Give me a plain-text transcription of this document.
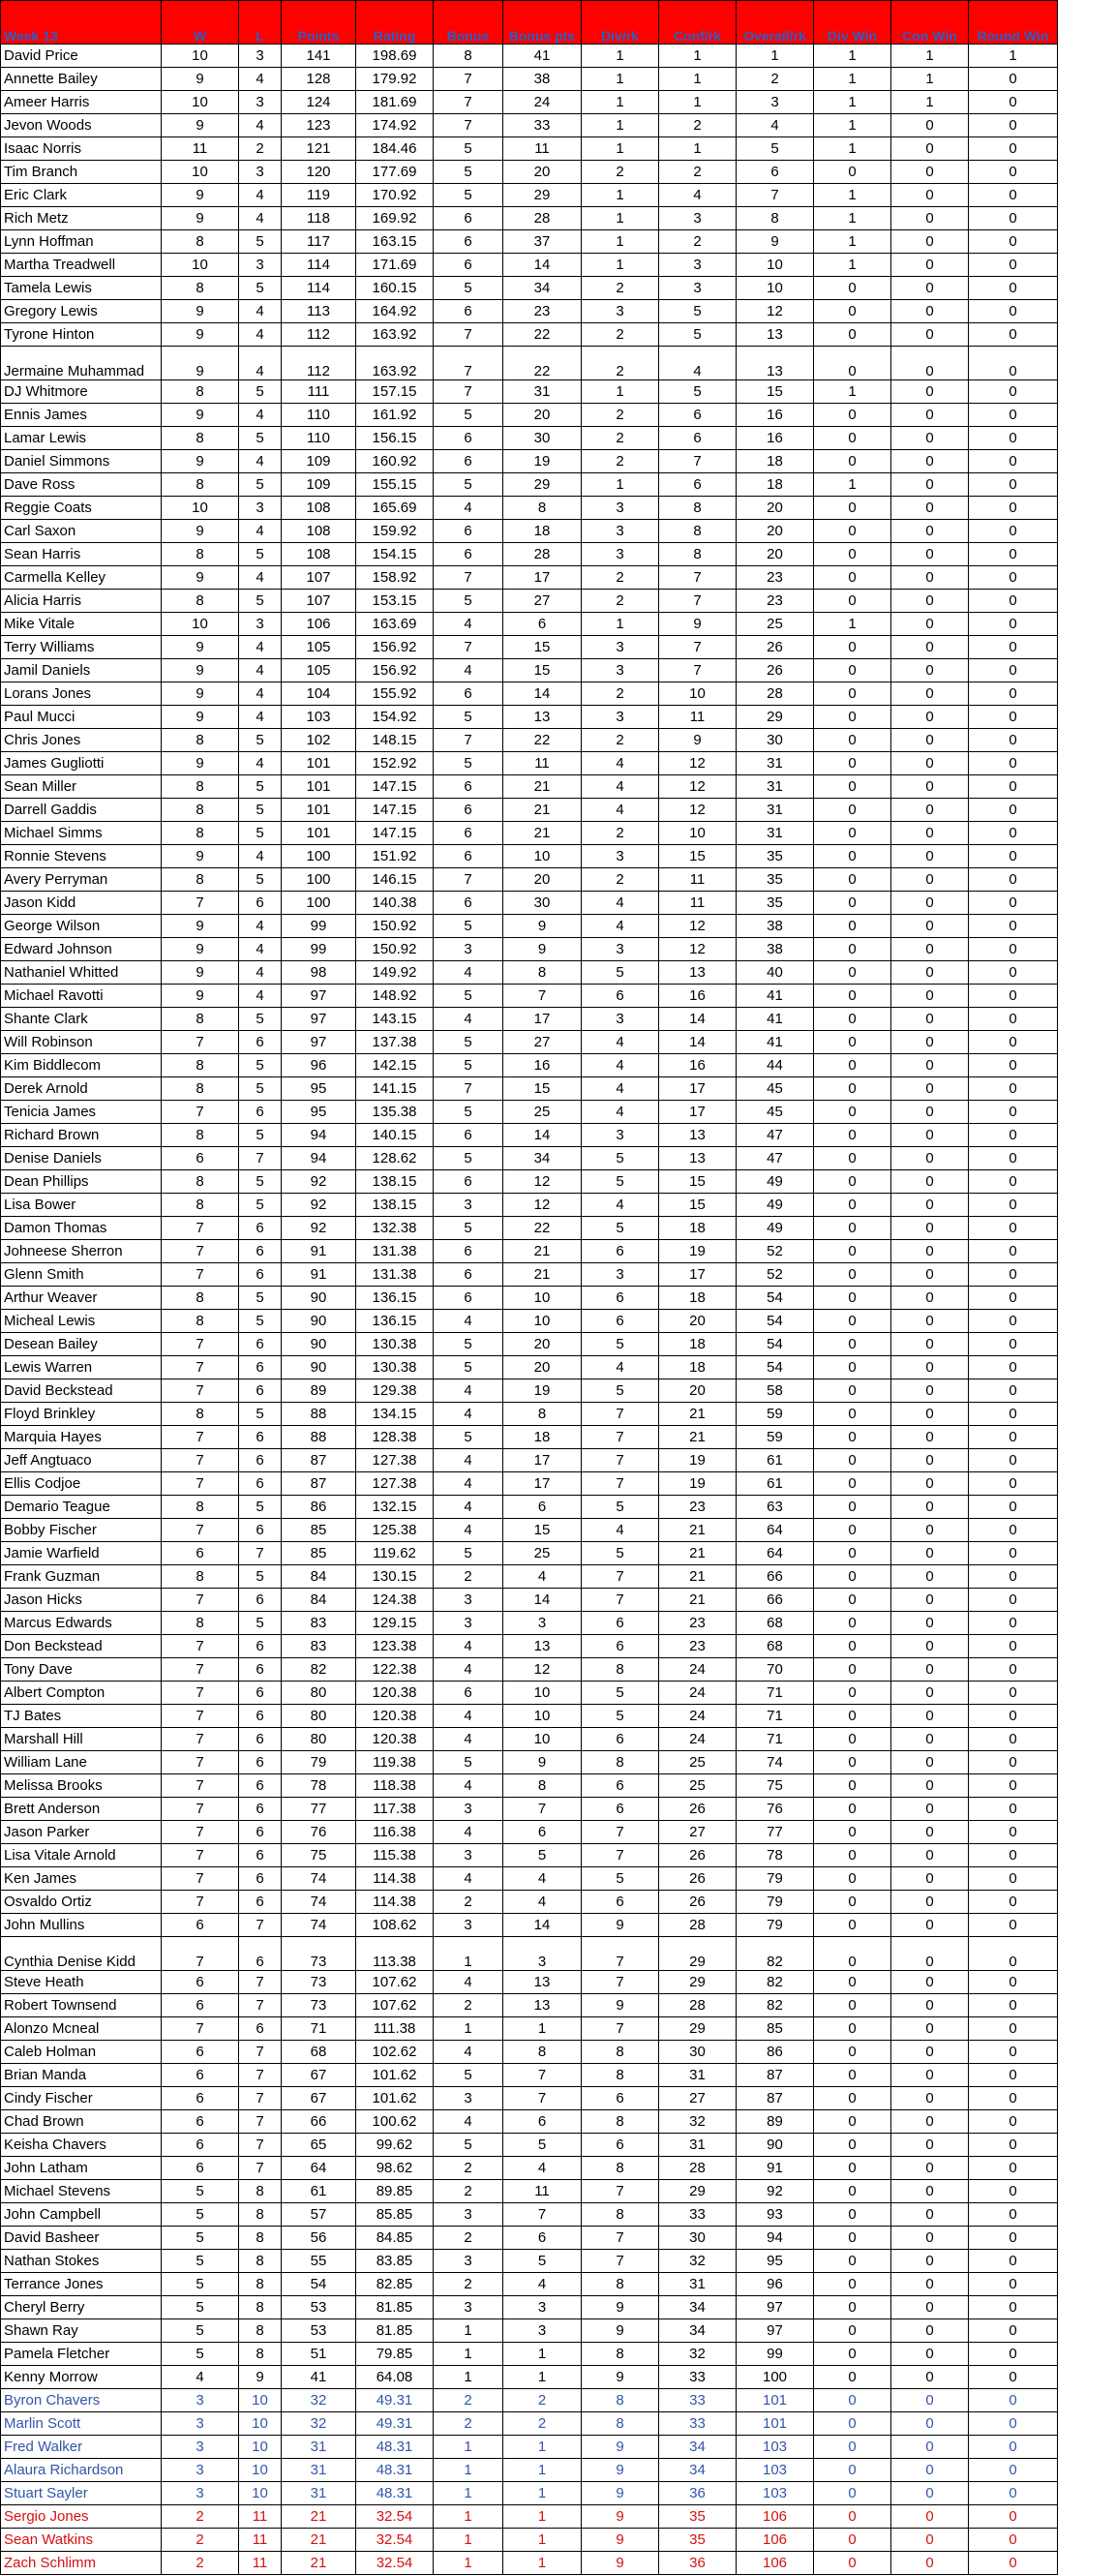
Week 13	W	L	Points	Rating	Bonus	Bonus pts	Div/rk	Conf/rk	Overall/rk	Div Win	Con Win	Round Win
David Price	10	3	141	198.69	8	41	1	1	1	1	1	1
Annette Bailey	9	4	128	179.92	7	38	1	1	2	1	1	0
Ameer Harris	10	3	124	181.69	7	24	1	1	3	1	1	0
Jevon Woods	9	4	123	174.92	7	33	1	2	4	1	0	0
Isaac Norris	11	2	121	184.46	5	11	1	1	5	1	0	0
Tim Branch	10	3	120	177.69	5	20	2	2	6	0	0	0
Eric Clark	9	4	119	170.92	5	29	1	4	7	1	0	0
Rich Metz	9	4	118	169.92	6	28	1	3	8	1	0	0
Lynn Hoffman	8	5	117	163.15	6	37	1	2	9	1	0	0
Martha Treadwell	10	3	114	171.69	6	14	1	3	10	1	0	0
Tamela Lewis	8	5	114	160.15	5	34	2	3	10	0	0	0
Gregory Lewis	9	4	113	164.92	6	23	3	5	12	0	0	0
Tyrone Hinton	9	4	112	163.92	7	22	2	5	13	0	0	0
Jermaine Muhammad	9	4	112	163.92	7	22	2	4	13	0	0	0
DJ Whitmore	8	5	111	157.15	7	31	1	5	15	1	0	0
Ennis James	9	4	110	161.92	5	20	2	6	16	0	0	0
Lamar Lewis	8	5	110	156.15	6	30	2	6	16	0	0	0
Daniel Simmons	9	4	109	160.92	6	19	2	7	18	0	0	0
Dave Ross	8	5	109	155.15	5	29	1	6	18	1	0	0
Reggie Coats	10	3	108	165.69	4	8	3	8	20	0	0	0
Carl Saxon	9	4	108	159.92	6	18	3	8	20	0	0	0
Sean Harris	8	5	108	154.15	6	28	3	8	20	0	0	0
Carmella Kelley	9	4	107	158.92	7	17	2	7	23	0	0	0
Alicia Harris	8	5	107	153.15	5	27	2	7	23	0	0	0
Mike Vitale	10	3	106	163.69	4	6	1	9	25	1	0	0
Terry Williams	9	4	105	156.92	7	15	3	7	26	0	0	0
Jamil Daniels	9	4	105	156.92	4	15	3	7	26	0	0	0
Lorans Jones	9	4	104	155.92	6	14	2	10	28	0	0	0
Paul Mucci	9	4	103	154.92	5	13	3	11	29	0	0	0
Chris Jones	8	5	102	148.15	7	22	2	9	30	0	0	0
James Gugliotti	9	4	101	152.92	5	11	4	12	31	0	0	0
Sean Miller	8	5	101	147.15	6	21	4	12	31	0	0	0
Darrell Gaddis	8	5	101	147.15	6	21	4	12	31	0	0	0
Michael Simms	8	5	101	147.15	6	21	2	10	31	0	0	0
Ronnie Stevens	9	4	100	151.92	6	10	3	15	35	0	0	0
Avery Perryman	8	5	100	146.15	7	20	2	11	35	0	0	0
Jason Kidd	7	6	100	140.38	6	30	4	11	35	0	0	0
George Wilson	9	4	99	150.92	5	9	4	12	38	0	0	0
Edward Johnson	9	4	99	150.92	3	9	3	12	38	0	0	0
Nathaniel Whitted	9	4	98	149.92	4	8	5	13	40	0	0	0
Michael Ravotti	9	4	97	148.92	5	7	6	16	41	0	0	0
Shante Clark	8	5	97	143.15	4	17	3	14	41	0	0	0
Will Robinson	7	6	97	137.38	5	27	4	14	41	0	0	0
Kim Biddlecom	8	5	96	142.15	5	16	4	16	44	0	0	0
Derek Arnold	8	5	95	141.15	7	15	4	17	45	0	0	0
Tenicia James	7	6	95	135.38	5	25	4	17	45	0	0	0
Richard Brown	8	5	94	140.15	6	14	3	13	47	0	0	0
Denise Daniels	6	7	94	128.62	5	34	5	13	47	0	0	0
Dean Phillips	8	5	92	138.15	6	12	5	15	49	0	0	0
Lisa Bower	8	5	92	138.15	3	12	4	15	49	0	0	0
Damon Thomas	7	6	92	132.38	5	22	5	18	49	0	0	0
Johneese Sherron	7	6	91	131.38	6	21	6	19	52	0	0	0
Glenn Smith	7	6	91	131.38	6	21	3	17	52	0	0	0
Arthur Weaver	8	5	90	136.15	6	10	6	18	54	0	0	0
Micheal Lewis	8	5	90	136.15	4	10	6	20	54	0	0	0
Desean Bailey	7	6	90	130.38	5	20	5	18	54	0	0	0
Lewis Warren	7	6	90	130.38	5	20	4	18	54	0	0	0
David Beckstead	7	6	89	129.38	4	19	5	20	58	0	0	0
Floyd Brinkley	8	5	88	134.15	4	8	7	21	59	0	0	0
Marquia Hayes	7	6	88	128.38	5	18	7	21	59	0	0	0
Jeff Angtuaco	7	6	87	127.38	4	17	7	19	61	0	0	0
Ellis Codjoe	7	6	87	127.38	4	17	7	19	61	0	0	0
Demario Teague	8	5	86	132.15	4	6	5	23	63	0	0	0
Bobby Fischer	7	6	85	125.38	4	15	4	21	64	0	0	0
Jamie Warfield	6	7	85	119.62	5	25	5	21	64	0	0	0
Frank Guzman	8	5	84	130.15	2	4	7	21	66	0	0	0
Jason Hicks	7	6	84	124.38	3	14	7	21	66	0	0	0
Marcus Edwards	8	5	83	129.15	3	3	6	23	68	0	0	0
Don Beckstead	7	6	83	123.38	4	13	6	23	68	0	0	0
Tony Dave	7	6	82	122.38	4	12	8	24	70	0	0	0
Albert Compton	7	6	80	120.38	6	10	5	24	71	0	0	0
TJ Bates	7	6	80	120.38	4	10	5	24	71	0	0	0
Marshall Hill	7	6	80	120.38	4	10	6	24	71	0	0	0
William Lane	7	6	79	119.38	5	9	8	25	74	0	0	0
Melissa Brooks	7	6	78	118.38	4	8	6	25	75	0	0	0
Brett Anderson	7	6	77	117.38	3	7	6	26	76	0	0	0
Jason Parker	7	6	76	116.38	4	6	7	27	77	0	0	0
Lisa Vitale Arnold	7	6	75	115.38	3	5	7	26	78	0	0	0
Ken James	7	6	74	114.38	4	4	5	26	79	0	0	0
Osvaldo Ortiz	7	6	74	114.38	2	4	6	26	79	0	0	0
John Mullins	6	7	74	108.62	3	14	9	28	79	0	0	0
Cynthia Denise Kidd	7	6	73	113.38	1	3	7	29	82	0	0	0
Steve Heath	6	7	73	107.62	4	13	7	29	82	0	0	0
Robert Townsend	6	7	73	107.62	2	13	9	28	82	0	0	0
Alonzo Mcneal	7	6	71	111.38	1	1	7	29	85	0	0	0
Caleb Holman	6	7	68	102.62	4	8	8	30	86	0	0	0
Brian Manda	6	7	67	101.62	5	7	8	31	87	0	0	0
Cindy Fischer	6	7	67	101.62	3	7	6	27	87	0	0	0
Chad Brown	6	7	66	100.62	4	6	8	32	89	0	0	0
Keisha Chavers	6	7	65	99.62	5	5	6	31	90	0	0	0
John Latham	6	7	64	98.62	2	4	8	28	91	0	0	0
Michael Stevens	5	8	61	89.85	2	11	7	29	92	0	0	0
John Campbell	5	8	57	85.85	3	7	8	33	93	0	0	0
David Basheer	5	8	56	84.85	2	6	7	30	94	0	0	0
Nathan Stokes	5	8	55	83.85	3	5	7	32	95	0	0	0
Terrance Jones	5	8	54	82.85	2	4	8	31	96	0	0	0
Cheryl Berry	5	8	53	81.85	3	3	9	34	97	0	0	0
Shawn Ray	5	8	53	81.85	1	3	9	34	97	0	0	0
Pamela Fletcher	5	8	51	79.85	1	1	8	32	99	0	0	0
Kenny Morrow	4	9	41	64.08	1	1	9	33	100	0	0	0
Byron Chavers	3	10	32	49.31	2	2	8	33	101	0	0	0
Marlin Scott	3	10	32	49.31	2	2	8	33	101	0	0	0
Fred Walker	3	10	31	48.31	1	1	9	34	103	0	0	0
Alaura Richardson	3	10	31	48.31	1	1	9	34	103	0	0	0
Stuart Sayler	3	10	31	48.31	1	1	9	36	103	0	0	0
Sergio Jones	2	11	21	32.54	1	1	9	35	106	0	0	0
Sean Watkins	2	11	21	32.54	1	1	9	35	106	0	0	0
Zach Schlimm	2	11	21	32.54	1	1	9	36	106	0	0	0
